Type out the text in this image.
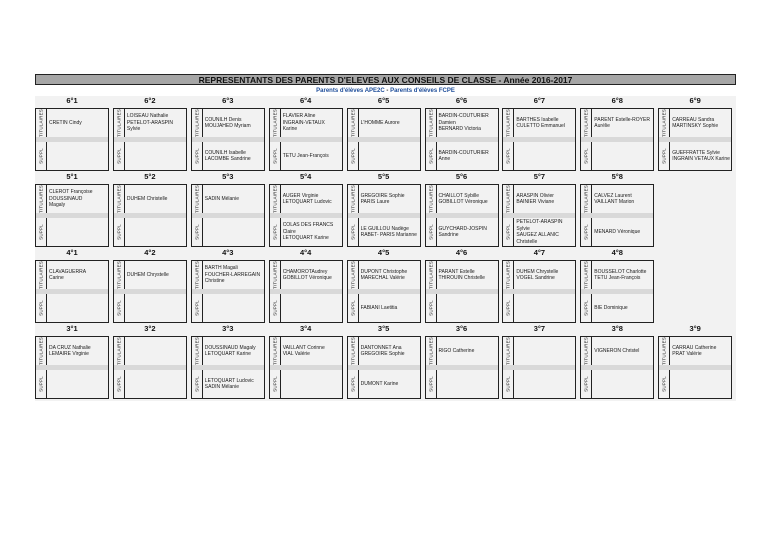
REPRESENTANTS DES PARENTS D'ELEVES AUX CONSEILS DE CLASSE - Année 2016-2017
Parents d'élèves APE2C - Parents d'élèves FCPE
6°1
TITULAIRES CRETIN Cindy
SUPPL
6°2
TITULAIRES LOISEAU Nathalie
PETELOT-ARASPIN
Sylvie
SUPPL
6°3
TITULAIRES COUNILH Denis
MOUJAHED Myriam
SUPPL COUNILH Isabelle
LACOMBE Sandrine
6°4
TITULAIRES FLAVIER Aline
INGRAIN-VETAUX
Karine
SUPPL TETU Jean-François
6°5
TITULAIRES L'HOMME Aurore
SUPPL
6°6
TITULAIRES BARDIN-COUTURIER
Damien
BERNARD Victoria
SUPPL BARDIN-COUTURIER Anne
6°7
TITULAIRES BARTHES Isabelle
CULETTO Emmanuel
SUPPL
6°8
TITULAIRES PARENT Estelle-ROYER
Aurélie
SUPPL
6°9
TITULAIRES CARREAU Sandra
MARTINSKY Sophie
SUPPL GUEFFRATTE Sylvie
INGRAIN VETAUX Karine
5°1
TITULAIRES CLEROT Françoise
DOUSSINAUD
Magaly
SUPPL
5°2
TITULAIRES DUHEM Christelle
SUPPL
5°3
TITULAIRES SADIN Mélanie
SUPPL
5°4
TITULAIRES AUGER Virginie
LETOQUART Ludovic
SUPPL COLAS DES FRANCS
Claire
LETOQUART Karine
5°5
TITULAIRES GREGOIRE Sophie
PARIS Laure
SUPPL LE GUILLOU Nadège
RABET- PARIS Marianne
5°6
TITULAIRES CHAILLOT Sybille
GOBILLOT Véronique
SUPPL GUYCHARD-JOSPIN
Sandrine
5°7
TITULAIRES ARASPIN Olivier
BAINIER Viviane
SUPPL
PETELOT-ARASPIN Sylvie
SAUGEZ ALLANIC Christelle
5°8
TITULAIRES CALVEZ Laurent
VAILLANT Marion
SUPPL MENARD Véronique
4°1
TITULAIRES CLAVAGUERRA
Carine
SUPPL
4°2
TITULAIRES DUHEM Chrystelle
SUPPL
4°3
TITULAIRES BARTH Magali
FOUCHER-LARREGAIN
Christine
SUPPL
4°4
TITULAIRES CHAMOROTAudrey
GOBILLOT Véronique
SUPPL
4°5
TITULAIRES DUPONT Christophe
MARECHAL Valérie
SUPPL FABIANI Laetitia
4°6
TITULAIRES PARANT Estelle
THIROUIN Christelle
SUPPL
4°7
TITULAIRES DUHEM Chrystelle
VOGEL Sandrine
SUPPL
4°8
TITULAIRES BOUSSELOT Charlotte
TETU Jean-François
SUPPL BIE Dominique
3°1
TITULAIRES DA CRUZ Nathalie
LEMAIRE Virginie
SUPPL
3°2
TITULAIRES
SUPPL
3°3
TITULAIRES DOUSSINAUD Magaly
LETOQUART Karine
SUPPL LETOQUART Ludovic
SADIN Mélanie
3°4
TITULAIRES VAILLANT Corinne
VIAL Valérie
SUPPL
3°5
TITULAIRES DANTONNET Ana
GREGOIRE Sophie
SUPPL DUMONT Karine
3°6
TITULAIRES RIGO Catherine
SUPPL
3°7
TITULAIRES
SUPPL
3°8
TITULAIRES VIGNERON Christel
SUPPL
3°9
TITULAIRES CARRAU Catherine
PRAT Valérie
SUPPL
